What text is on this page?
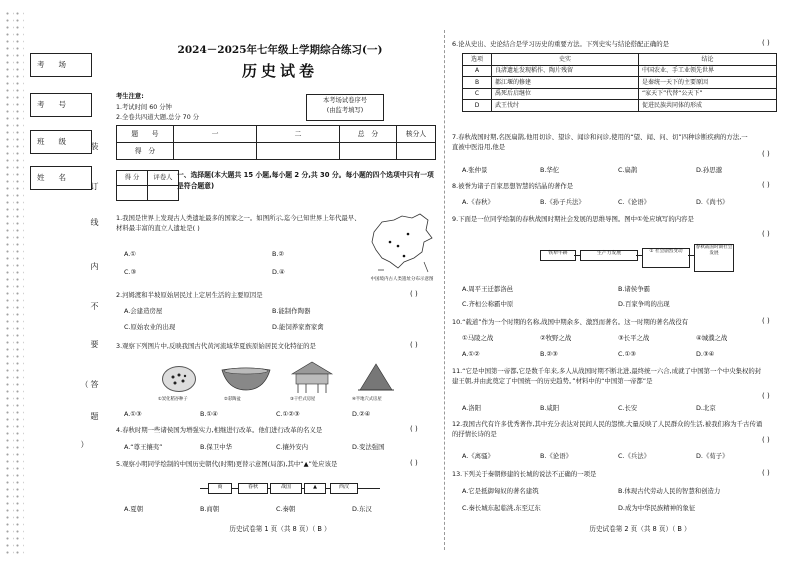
考场
考号
班级
姓名
装
订
线
内
不
要
答
题
（
）
2024－2025年七年级上学期综合练习(一)
历史试卷
考生注意:
1.考试时间 60 分钟
2.全卷共四道大题,总分 70 分
本考场试卷序号
(由监考填写)
题　　号	一	二	总　分	核分人
得　分				
得 分	评卷人
	一、选择题(本大题共 15 小题,每小题 2 分,共 30 分。每小题的四个选项中只有一项是符合题意)
1.我国是世界上发现古人类遗址最多的国家之一。如图所示,迄今已知世界上年代最早、材料最丰富的直立人遗址是( )
A.①	B.②
C.③	D.④
中国境内古人类遗址分布示意图
2.河姆渡和半坡原始居民过上定居生活的主要原因是	( )
A.会建造房屋	B.能制作陶器
C.原始农业的出现	D.能饲养家畜家禽
3.观察下列图片中,反映我国古代黄河流域华夏族原始居民文化特征的是	( )
①炭化稻谷种子	②彩陶盆	③干栏式房屋	④半地穴式房屋
A.①③	B.①④	C.①②③	D.②④
4.春秋时期一些诸侯国为增强实力,相继进行改革。他们进行改革的名义是	( )
A.“尊王攘夷”	B.保卫中华	C.攘外安内	D.变法强国
5.观察小明同学绘制的中国历史朝代(时期)更替示意图(局部),其中“▲”处应该是	( )
商	春秋	战国	▲	西汉
A.夏朝	B.商朝	C.秦朝	D.东汉
历史试卷第 1 页（共 8 页）（ B ）
6.论从史出、史论结合是学习历史的重要方法。下列史实与结论搭配正确的是	( )
选项	史实	结论
A	良渚遗址发现稻作、陶片残留	中国农业、手工业领先世界
B	都江堰的修建	是秦统一天下的主要原因
C	禹死后启继位	“家天下”代替“公天下”
D	武王伐纣	促进民族共同体的形成
7.春秋战国时期,名医扁鹊,他用切诊、望诊、闻诊和问诊,使用的“望、闻、问、切”四种诊断疾病的方法,一直被中医沿用,他是
( )
A.张仲景	B.华佗	C.扁鹊	D.孙思邈
8.被誉为诸子百家思想智慧的结晶的著作是	( )
A.《春秋》	B.《孙子兵法》	C.《论语》	D.《尚书》
9.下面是一位同学绘制的春秋战国时期社会发展的思维导图。图中①处应填写的内容是
( )
铁犁牛耕	生产力发展	① 社会剧烈变动
春秋战国时期社会发展
A.周平王迁都洛邑	B.诸侯争霸
C.齐桓公称霸中原	D.百家争鸣的出现
10.“载道”作为一个时期的名称,战国中期余多、激烈而著名。这一时期的著名战役有	( )
①马陵之战	②牧野之战	③长平之战	④城濮之战
A.①②	B.②③	C.①③	D.③④
11.“它是中国第一帝都,它是数千年来,多人从战国时期不断北进,最终统一六合,成就了中国第一个中央集权的封建王朝,并由此奠定了中国统一的历史趋势。”材料中的“中国第一帝都”是
( )
A.洛阳	B.咸阳	C.长安	D.北京
12.我国古代有许多优秀著作,其中充分表达对民间人民的怨愤,大量反映了人民群众的生活,被我们称为千古传诵的抒情长诗的是
( )
A.《离骚》	B.《论语》	C.《兵法》	D.《荀子》
13.下列关于秦朝修建的长城的说法不正确的一项是	( )
A.它是抵御匈奴的著名建筑	B.体现古代劳动人民的智慧和创造力
C.秦长城东起临洮,东至辽东	D.成为中华民族精神的象征
历史试卷第 2 页（共 8 页）（ B ）
